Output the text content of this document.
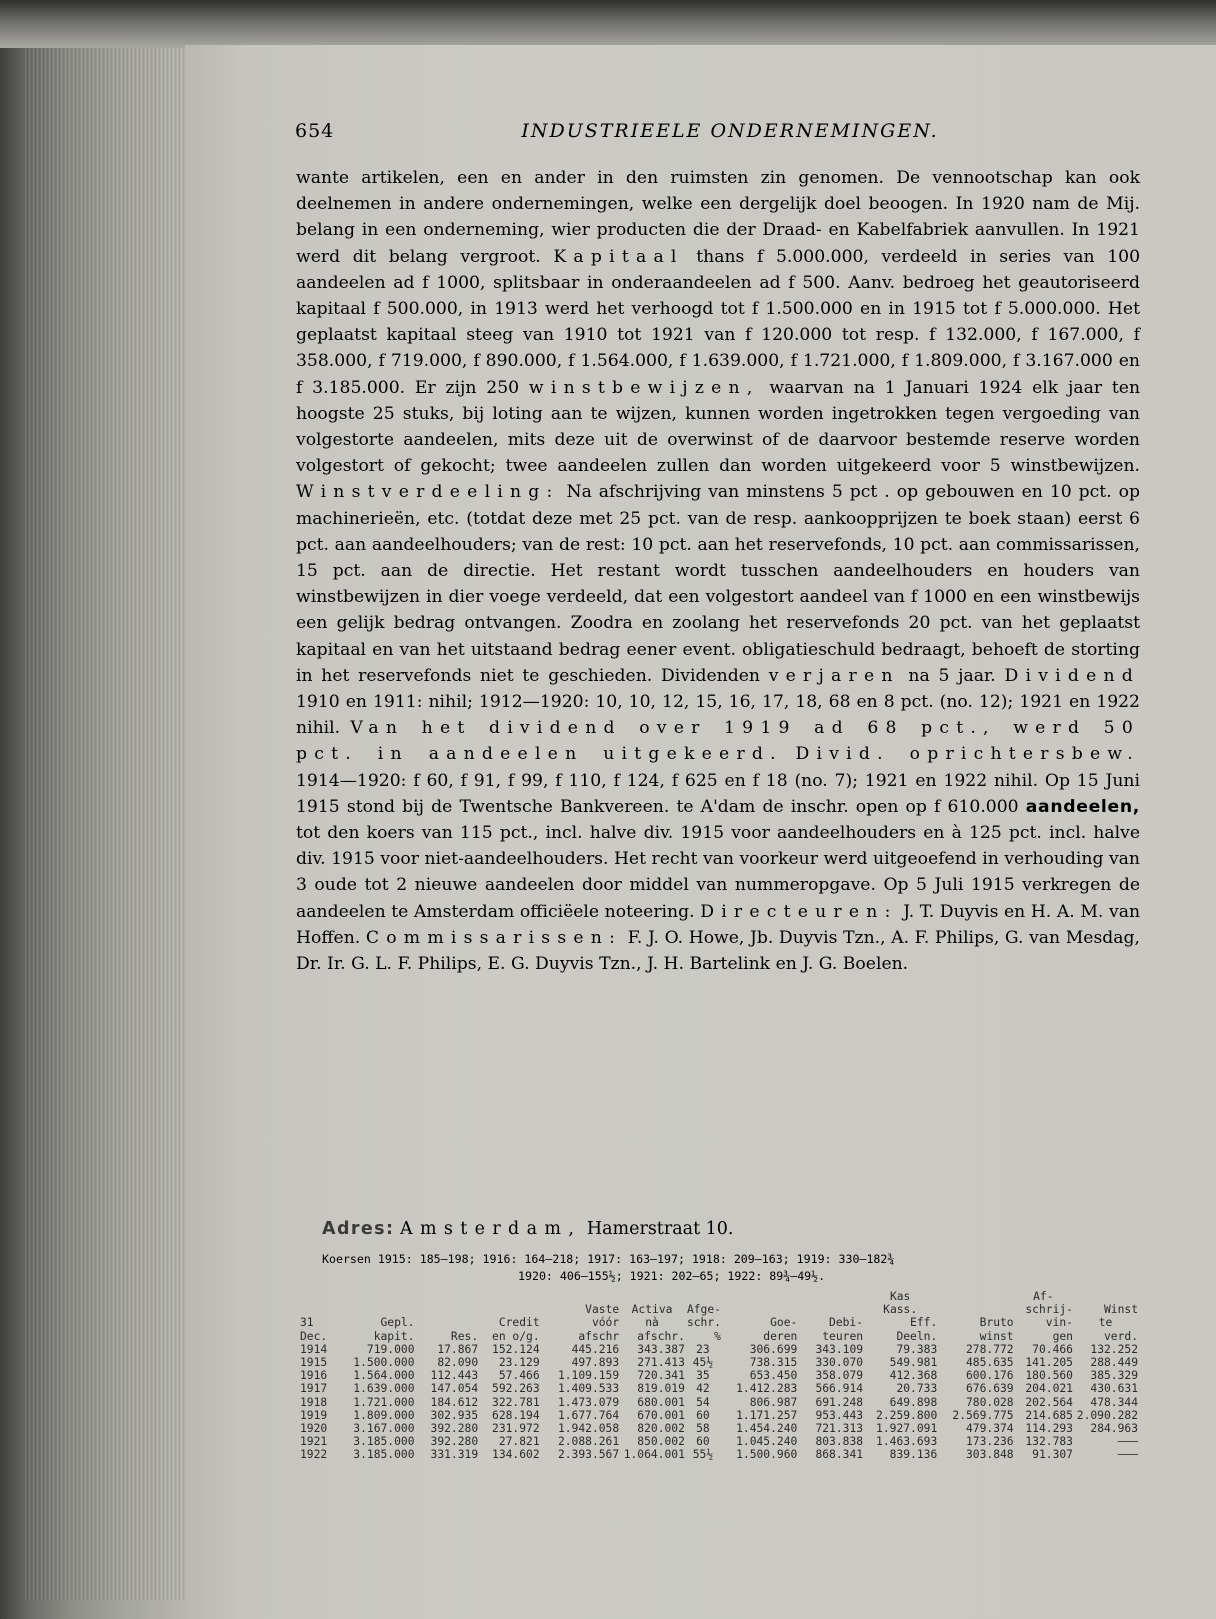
654	INDUSTRIEELE ONDERNEMINGEN.

wante artikelen, een en ander in den ruimsten zin genomen. De vennootschap kan ook deelnemen in andere ondernemingen, welke een dergelijk doel beoogen. In 1920 nam de Mij. belang in een onderneming, wier producten die der Draad- en Kabelfabriek aanvullen. In 1921 werd dit belang vergroot. Kapitaal thans f 5.000.000, verdeeld in series van 100 aandeelen ad f 1000, splitsbaar in onderaandeelen ad f 500. Aanv. bedroeg het geautoriseerd kapitaal f 500.000, in 1913 werd het verhoogd tot f 1.500.000 en in 1915 tot f 5.000.000. Het geplaatst kapitaal steeg van 1910 tot 1921 van f 120.000 tot resp. f 132.000, f 167.000, f 358.000, f 719.000, f 890.000, f 1.564.000, f 1.639.000, f 1.721.000, f 1.809.000, f 3.167.000 en f 3.185.000. Er zijn 250 winstbewijzen, waarvan na 1 Januari 1924 elk jaar ten hoogste 25 stuks, bij loting aan te wijzen, kunnen worden ingetrokken tegen vergoeding van volgestorte aandeelen, mits deze uit de overwinst of de daarvoor bestemde reserve worden volgestort of gekocht; twee aandeelen zullen dan worden uitgekeerd voor 5 winstbewijzen. Winstverdeeling: Na afschrijving van minstens 5 pct . op gebouwen en 10 pct. op machinerieën, etc. (totdat deze met 25 pct. van de resp. aankoopprijzen te boek staan) eerst 6 pct. aan aandeelhouders; van de rest: 10 pct. aan het reservefonds, 10 pct. aan commissarissen, 15 pct. aan de directie. Het restant wordt tusschen aandeelhouders en houders van winstbewijzen in dier voege verdeeld, dat een volgestort aandeel van f 1000 en een winstbewijs een gelijk bedrag ontvangen. Zoodra en zoolang het reservefonds 20 pct. van het geplaatst kapitaal en van het uitstaand bedrag eener event. obligatieschuld bedraagt, behoeft de storting in het reservefonds niet te geschieden. Dividenden verjaren na 5 jaar. Dividend 1910 en 1911: nihil; 1912—1920: 10, 10, 12, 15, 16, 17, 18, 68 en 8 pct. (no. 12); 1921 en 1922 nihil. Van het dividend over 1919 ad 68 pct., werd 50 pct. in aandeelen uitgekeerd. Divid. oprichtersbew. 1914—1920: f 60, f 91, f 99, f 110, f 124, f 625 en f 18 (no. 7); 1921 en 1922 nihil. Op 15 Juni 1915 stond bij de Twentsche Bankvereen. te A'dam de inschr. open op f 610.000 aandeelen, tot den koers van 115 pct., incl. halve div. 1915 voor aandeelhouders en à 125 pct. incl. halve div. 1915 voor niet-aandeelhouders. Het recht van voorkeur werd uitgeoefend in verhouding van 3 oude tot 2 nieuwe aandeelen door middel van nummeropgave. Op 5 Juli 1915 verkregen de aandeelen te Amsterdam officiëele noteering. Directeuren: J. T. Duyvis en H. A. M. van Hoffen. Commissarissen: F. J. O. Howe, Jb. Duyvis Tzn., A. F. Philips, G. van Mesdag, Dr. Ir. G. L. F. Philips, E. G. Duyvis Tzn., J. H. Bartelink en J. G. Boelen.

Adres: Amsterdam, Hamerstraat 10.
Koersen 1915: 185—198; 1916: 164—218; 1917: 163—197; 1918: 209—163; 1919: 330—182¾
1920: 406—155½; 1921: 202—65; 1922: 89¾—49½.
									Kas		Af-	
				Vaste	Activa	Afge-			Kass.		schrij-	Winst
31	Gepl.		Credit	vóór	nà	schr.	Goe-	Debi-	Eff.	Bruto	vin-	te
Dec.	kapit.	Res.	en o/g.	afschr	afschr.	%	deren	teuren	Deeln.	winst	gen	verd.
1914	719.000	17.867	152.124	445.216	343.387	23	306.699	343.109	79.383	278.772	70.466	132.252
1915	1.500.000	82.090	23.129	497.893	271.413	45½	738.315	330.070	549.981	485.635	141.205	288.449
1916	1.564.000	112.443	57.466	1.109.159	720.341	35	653.450	358.079	412.368	600.176	180.560	385.329
1917	1.639.000	147.054	592.263	1.409.533	819.019	42	1.412.283	566.914	20.733	676.639	204.021	430.631
1918	1.721.000	184.612	322.781	1.473.079	680.001	54	806.987	691.248	649.898	780.028	202.564	478.344
1919	1.809.000	302.935	628.194	1.677.764	670.001	60	1.171.257	953.443	2.259.800	2.569.775	214.685	2.090.282
1920	3.167.000	392.280	231.972	1.942.058	820.002	58	1.454.240	721.313	1.927.091	479.374	114.293	284.963
1921	3.185.000	392.280	27.821	2.088.261	850.002	60	1.045.240	803.838	1.463.693	173.236	132.783	———
1922	3.185.000	331.319	134.602	2.393.567	1.064.001	55½	1.500.960	868.341	839.136	303.848	91.307	———
